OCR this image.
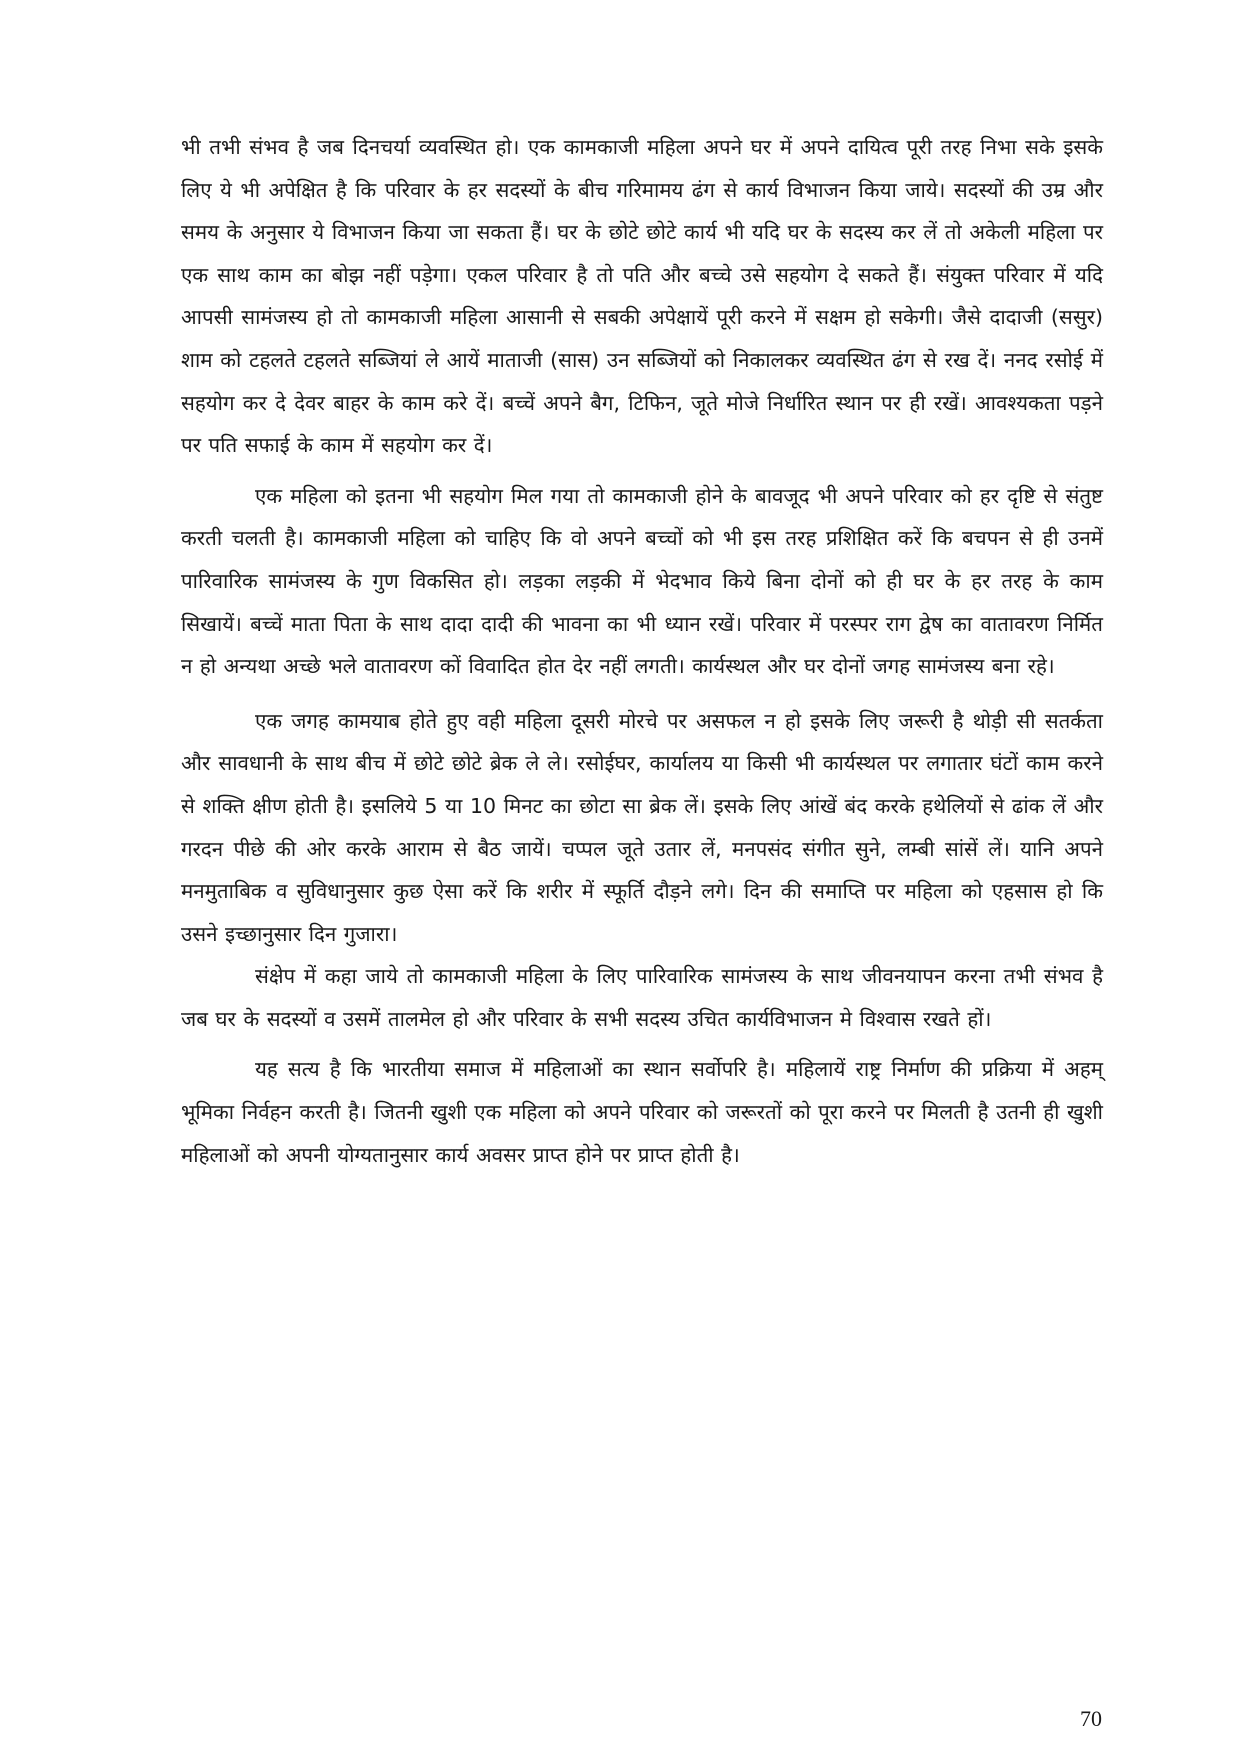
भी तभी संभव है जब दिनचर्या व्यवस्थित हो। एक कामकाजी महिला अपने घर में अपने दायित्व पूरी तरह निभा सके इसके लिए ये भी अपेक्षित है कि परिवार के हर सदस्यों के बीच गरिमामय ढंग से कार्य विभाजन किया जाये। सदस्यों की उम्र और समय के अनुसार ये विभाजन किया जा सकता हैं। घर के छोटे छोटे कार्य भी यदि घर के सदस्य कर लें तो अकेली महिला पर एक साथ काम का बोझ नहीं पड़ेगा। एकल परिवार है तो पति और बच्चे उसे सहयोग दे सकते हैं। संयुक्त परिवार में यदि आपसी सामंजस्य हो तो कामकाजी महिला आसानी से सबकी अपेक्षायें पूरी करने में सक्षम हो सकेगी। जैसे दादाजी (ससुर) शाम को टहलते टहलते सब्जियां ले आयें माताजी (सास) उन सब्जियों को निकालकर व्यवस्थित ढंग से रख दें। ननद रसोई में सहयोग कर दे देवर बाहर के काम करे दें। बच्चें अपने बैग, टिफिन, जूते मोजे निर्धारित स्थान पर ही रखें। आवश्यकता पड़ने पर पति सफाई के काम में सहयोग कर दें।

एक महिला को इतना भी सहयोग मिल गया तो कामकाजी होने के बावजूद भी अपने परिवार को हर दृष्टि से संतुष्ट करती चलती है। कामकाजी महिला को चाहिए कि वो अपने बच्चों को भी इस तरह प्रशिक्षित करें कि बचपन से ही उनमें पारिवारिक सामंजस्य के गुण विकसित हो। लड़का लड़की में भेदभाव किये बिना दोनों को ही घर के हर तरह के काम सिखायें। बच्चें माता पिता के साथ दादा दादी की भावना का भी ध्यान रखें। परिवार में परस्पर राग द्वेष का वातावरण निर्मित न हो अन्यथा अच्छे भले वातावरण कों विवादित होत देर नहीं लगती। कार्यस्थल और घर दोनों जगह सामंजस्य बना रहे।

एक जगह कामयाब होते हुए वही महिला दूसरी मोरचे पर असफल न हो इसके लिए जरूरी है थोड़ी सी सतर्कता और सावधानी के साथ बीच में छोटे छोटे ब्रेक ले ले। रसोईघर, कार्यालय या किसी भी कार्यस्थल पर लगातार घंटों काम करने से शक्ति क्षीण होती है। इसलिये 5 या 10 मिनट का छोटा सा ब्रेक लें। इसके लिए आंखें बंद करके हथेलियों से ढांक लें और गरदन पीछे की ओर करके आराम से बैठ जायें। चप्पल जूते उतार लें, मनपसंद संगीत सुने, लम्बी सांसें लें। यानि अपने मनमुताबिक व सुविधानुसार कुछ ऐसा करें कि शरीर में स्फूर्ति दौड़ने लगे। दिन की समाप्ति पर महिला को एहसास हो कि उसने इच्छानुसार दिन गुजारा।

संक्षेप में कहा जाये तो कामकाजी महिला के लिए पारिवारिक सामंजस्य के साथ जीवनयापन करना तभी संभव है जब घर के सदस्यों व उसमें तालमेल हो और परिवार के सभी सदस्य उचित कार्यविभाजन मे विश्वास रखते हों।

यह सत्य है कि भारतीया समाज में महिलाओं का स्थान सर्वोपरि है। महिलायें राष्ट्र निर्माण की प्रक्रिया में अहम् भूमिका निर्वहन करती है। जितनी खुशी एक महिला को अपने परिवार को जरूरतों को पूरा करने पर मिलती है उतनी ही खुशी महिलाओं को अपनी योग्यतानुसार कार्य अवसर प्राप्त होने पर प्राप्त होती है।

70
